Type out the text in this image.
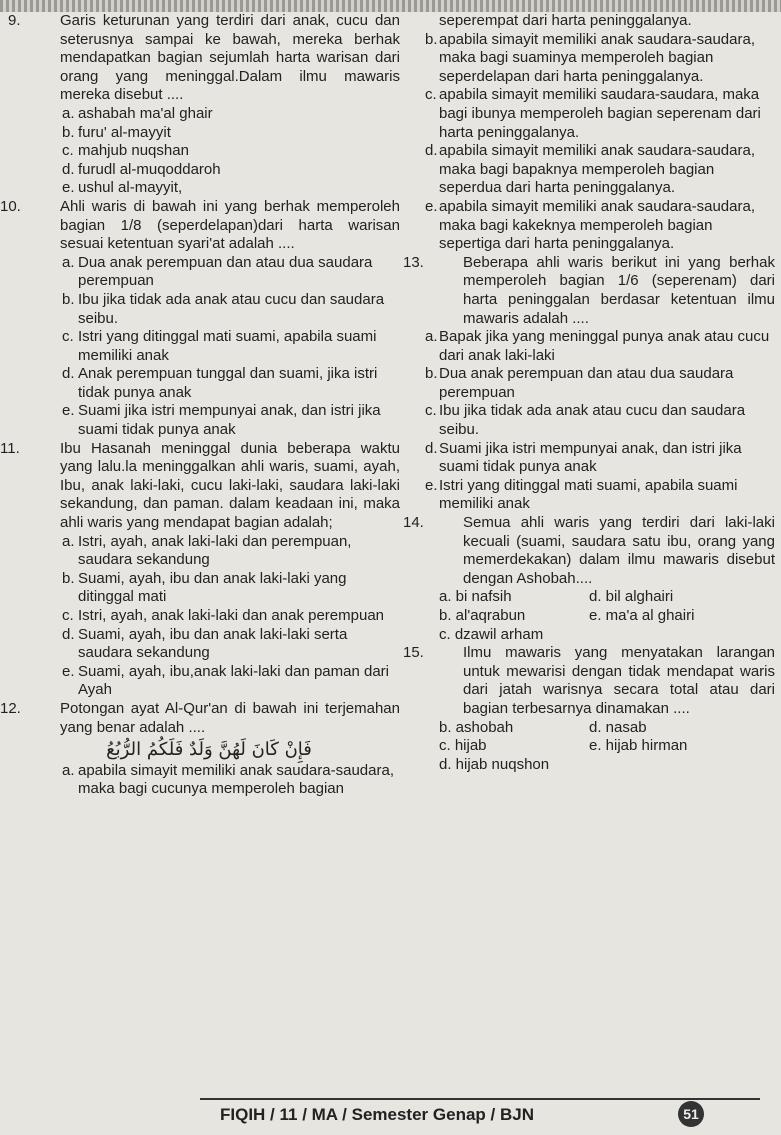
9.	Garis keturunan yang terdiri dari anak, cucu dan seterusnya sampai ke bawah, mereka berhak mendapatkan bagian sejumlah harta warisan dari orang yang meninggal.Dalam ilmu mawaris mereka disebut ....
a. ashabah ma'al ghair
b. furu' al-mayyit
c. mahjub nuqshan
d. furudl al-muqoddaroh
e. ushul al-mayyit,
10.	Ahli waris di bawah ini yang berhak memperoleh bagian 1/8 (seperdelapan)dari harta warisan sesuai ketentuan syari'at adalah ....
a. Dua anak perempuan dan atau dua saudara perempuan
b. Ibu jika tidak ada anak atau cucu dan saudara seibu.
c. Istri yang ditinggal mati suami, apabila suami memiliki anak
d. Anak perempuan tunggal dan suami, jika istri tidak punya anak
e. Suami jika istri mempunyai anak, dan istri jika suami tidak punya anak
11.	Ibu Hasanah meninggal dunia beberapa waktu yang lalu.la meninggalkan ahli waris, suami, ayah, Ibu, anak laki-laki, cucu laki-laki, saudara laki-laki sekandung, dan paman. dalam keadaan ini, maka ahli waris yang mendapat bagian adalah;
a. Istri, ayah, anak laki-laki dan perempuan, saudara sekandung
b. Suami, ayah, ibu dan anak laki-laki yang ditinggal mati
c. Istri, ayah, anak laki-laki dan anak perempuan
d. Suami, ayah, ibu dan anak laki-laki serta saudara sekandung
e. Suami, ayah, ibu,anak laki-laki dan paman dari Ayah
12.	Potongan ayat Al-Qur'an di bawah ini terjemahan yang benar adalah ....
فَإِنْ كَانَ لَهُنَّ وَلَدٌ فَلَكُمُ الرُّبُعُ
a. apabila simayit memiliki anak saudara-saudara, maka bagi cucunya memperoleh bagian
seperempat dari harta peninggalanya.
b. apabila simayit memiliki anak saudara-saudara, maka bagi suaminya memperoleh bagian seperdelapan dari harta peninggalanya.
c. apabila simayit memiliki saudara-saudara, maka bagi ibunya memperoleh bagian seperenam dari harta peninggalanya.
d. apabila simayit memiliki anak saudara-saudara, maka bagi bapaknya memperoleh bagian seperdua dari harta peninggalanya.
e. apabila simayit memiliki anak saudara-saudara, maka bagi kakeknya memperoleh bagian sepertiga dari harta peninggalanya.
13.	Beberapa ahli waris berikut ini yang berhak memperoleh bagian 1/6 (seperenam) dari harta peninggalan berdasar ketentuan ilmu mawaris adalah ....
a. Bapak jika yang meninggal punya anak atau cucu dari anak laki-laki
b. Dua anak perempuan dan atau dua saudara perempuan
c. Ibu jika tidak ada anak atau cucu dan saudara seibu.
d. Suami jika istri mempunyai anak, dan istri jika suami tidak punya anak
e. Istri yang ditinggal mati suami, apabila suami memiliki anak
14.	Semua ahli waris yang terdiri dari laki-laki kecuali (suami, saudara satu ibu, orang yang memerdekakan) dalam ilmu mawaris disebut dengan Ashobah....
a. bi nafsih	d. bil alghairi
b. al'aqrabun	e. ma'a al ghairi
c. dzawil arham
15.	Ilmu mawaris yang menyatakan larangan untuk mewarisi dengan tidak mendapat waris dari jatah warisnya secara total atau dari bagian terbesarnya dinamakan ....
b. ashobah	d. nasab
c. hijab	e. hijab hirman
d. hijab nuqshon
FIQIH / 11 / MA / Semester Genap / BJN	51
